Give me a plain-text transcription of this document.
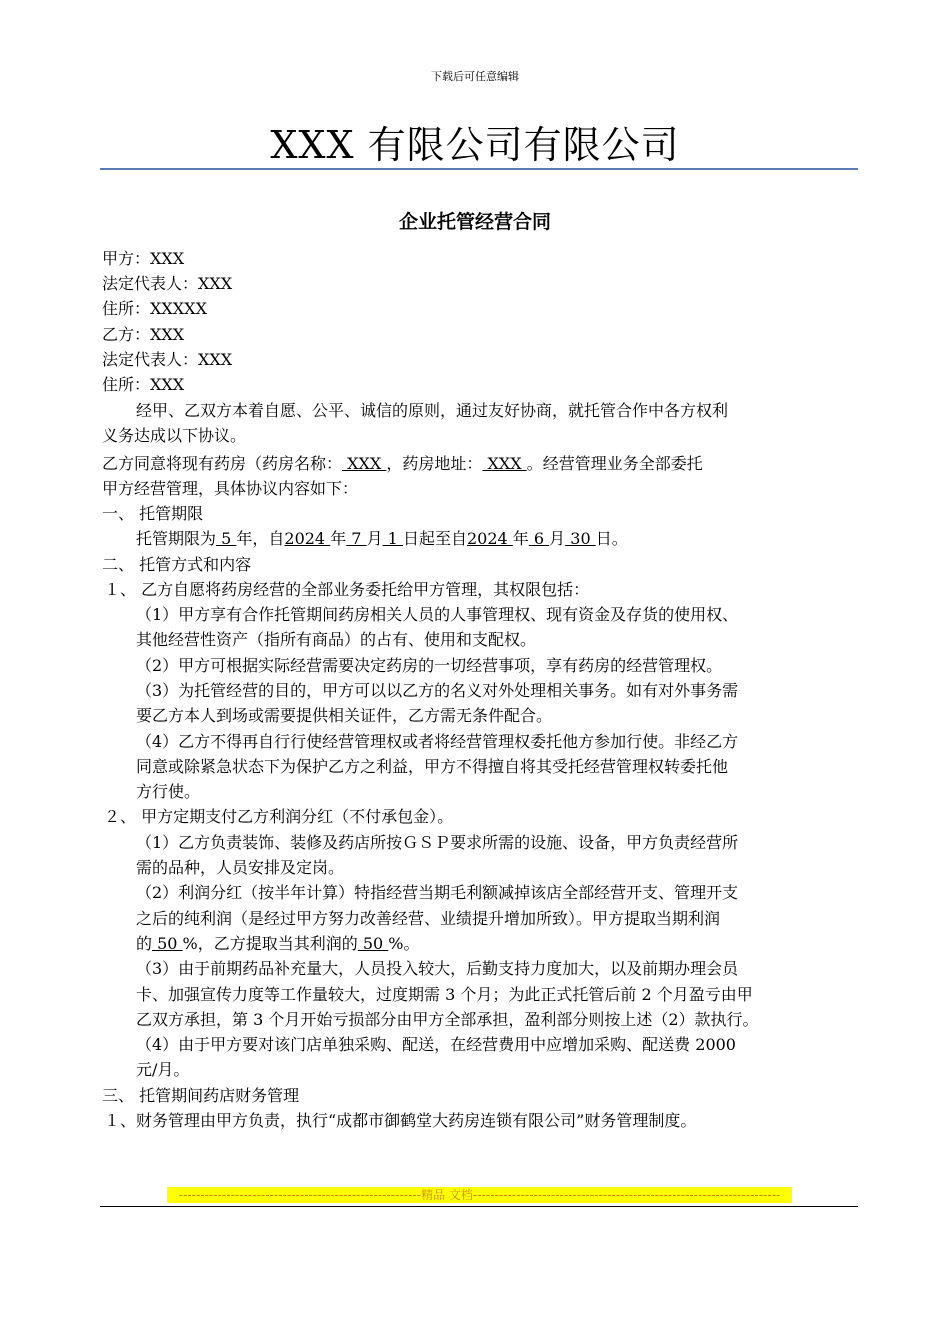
下载后可任意编辑
XXX 有限公司有限公司
企业托管经营合同
甲方：XXX
法定代表人：XXX
住所：XXXXX
乙方：XXX
法定代表人：XXX
住所：XXX
经甲、乙双方本着自愿、公平、诚信的原则，通过友好协商，就托管合作中各方权利
义务达成以下协议。
乙方同意将现有药房（药房名称： XXX ，药房地址： XXX 。经营管理业务全部委托
甲方经营管理，具体协议内容如下：
一、 托管期限
托管期限为 5 年，自2024 年 7 月 1 日起至自2024 年 6 月 30 日。
二、 托管方式和内容
１、 乙方自愿将药房经营的全部业务委托给甲方管理，其权限包括：
（1）甲方享有合作托管期间药房相关人员的人事管理权、现有资金及存货的使用权、
其他经营性资产（指所有商品）的占有、使用和支配权。
（2）甲方可根据实际经营需要决定药房的一切经营事项，享有药房的经营管理权。
（3）为托管经营的目的，甲方可以以乙方的名义对外处理相关事务。如有对外事务需
要乙方本人到场或需要提供相关证件，乙方需无条件配合。
（4）乙方不得再自行行使经营管理权或者将经营管理权委托他方参加行使。非经乙方
同意或除紧急状态下为保护乙方之利益，甲方不得擅自将其受托经营管理权转委托他
方行使。
２、 甲方定期支付乙方利润分红（不付承包金）。
（1）乙方负责装饰、装修及药店所按ＧＳＰ要求所需的设施、设备，甲方负责经营所
需的品种，人员安排及定岗。
（2）利润分红（按半年计算）特指经营当期毛利额减掉该店全部经营开支、管理开支
之后的纯利润（是经过甲方努力改善经营、业绩提升增加所致）。甲方提取当期利润
的 50 %，乙方提取当其利润的 50 %。
（3）由于前期药品补充量大，人员投入较大，后勤支持力度加大，以及前期办理会员
卡、加强宣传力度等工作量较大，过度期需 3 个月；为此正式托管后前 2 个月盈亏由甲
乙双方承担，第 3 个月开始亏损部分由甲方全部承担，盈利部分则按上述（2）款执行。
（4）由于甲方要对该门店单独采购、配送，在经营费用中应增加采购、配送费 2000
元/月。
三、 托管期间药店财务管理
１、财务管理由甲方负责，执行“成都市御鹤堂大药房连锁有限公司”财务管理制度。
--------------------------------------------------------精品 文档-----------------------------------------------------------------------
